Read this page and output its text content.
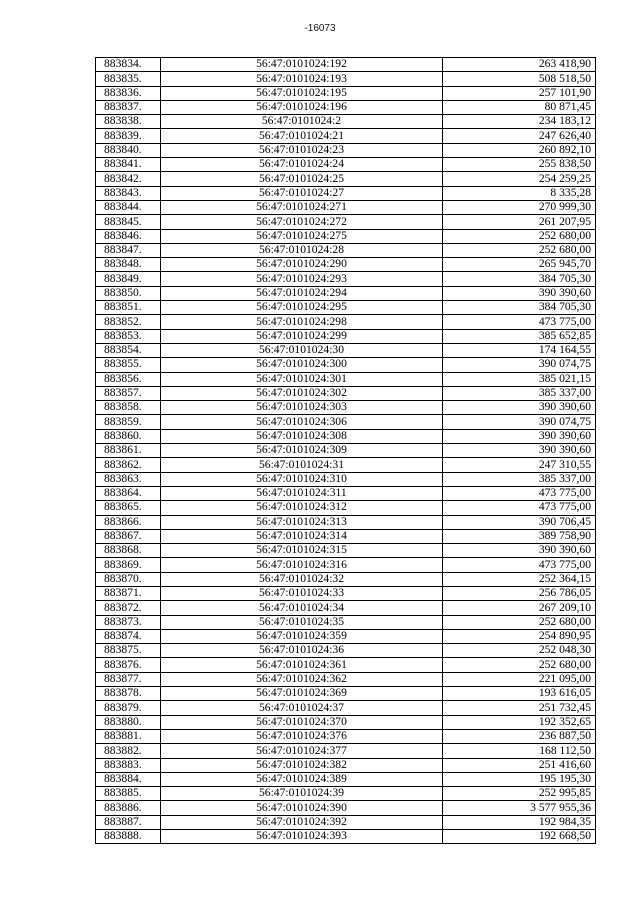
-16073
883834.	56:47:0101024:192	263 418,90
883835.	56:47:0101024:193	508 518,50
883836.	56:47:0101024:195	257 101,90
883837.	56:47:0101024:196	80 871,45
883838.	56:47:0101024:2	234 183,12
883839.	56:47:0101024:21	247 626,40
883840.	56:47:0101024:23	260 892,10
883841.	56:47:0101024:24	255 838,50
883842.	56:47:0101024:25	254 259,25
883843.	56:47:0101024:27	8 335,28
883844.	56:47:0101024:271	270 999,30
883845.	56:47:0101024:272	261 207,95
883846.	56:47:0101024:275	252 680,00
883847.	56:47:0101024:28	252 680,00
883848.	56:47:0101024:290	265 945,70
883849.	56:47:0101024:293	384 705,30
883850.	56:47:0101024:294	390 390,60
883851.	56:47:0101024:295	384 705,30
883852.	56:47:0101024:298	473 775,00
883853.	56:47:0101024:299	385 652,85
883854.	56:47:0101024:30	174 164,55
883855.	56:47:0101024:300	390 074,75
883856.	56:47:0101024:301	385 021,15
883857.	56:47:0101024:302	385 337,00
883858.	56:47:0101024:303	390 390,60
883859.	56:47:0101024:306	390 074,75
883860.	56:47:0101024:308	390 390,60
883861.	56:47:0101024:309	390 390,60
883862.	56:47:0101024:31	247 310,55
883863.	56:47:0101024:310	385 337,00
883864.	56:47:0101024:311	473 775,00
883865.	56:47:0101024:312	473 775,00
883866.	56:47:0101024:313	390 706,45
883867.	56:47:0101024:314	389 758,90
883868.	56:47:0101024:315	390 390,60
883869.	56:47:0101024:316	473 775,00
883870.	56:47:0101024:32	252 364,15
883871.	56:47:0101024:33	256 786,05
883872.	56:47:0101024:34	267 209,10
883873.	56:47:0101024:35	252 680,00
883874.	56:47:0101024:359	254 890,95
883875.	56:47:0101024:36	252 048,30
883876.	56:47:0101024:361	252 680,00
883877.	56:47:0101024:362	221 095,00
883878.	56:47:0101024:369	193 616,05
883879.	56:47:0101024:37	251 732,45
883880.	56:47:0101024:370	192 352,65
883881.	56:47:0101024:376	236 887,50
883882.	56:47:0101024:377	168 112,50
883883.	56:47:0101024:382	251 416,60
883884.	56:47:0101024:389	195 195,30
883885.	56:47:0101024:39	252 995,85
883886.	56:47:0101024:390	3 577 955,36
883887.	56:47:0101024:392	192 984,35
883888.	56:47:0101024:393	192 668,50
